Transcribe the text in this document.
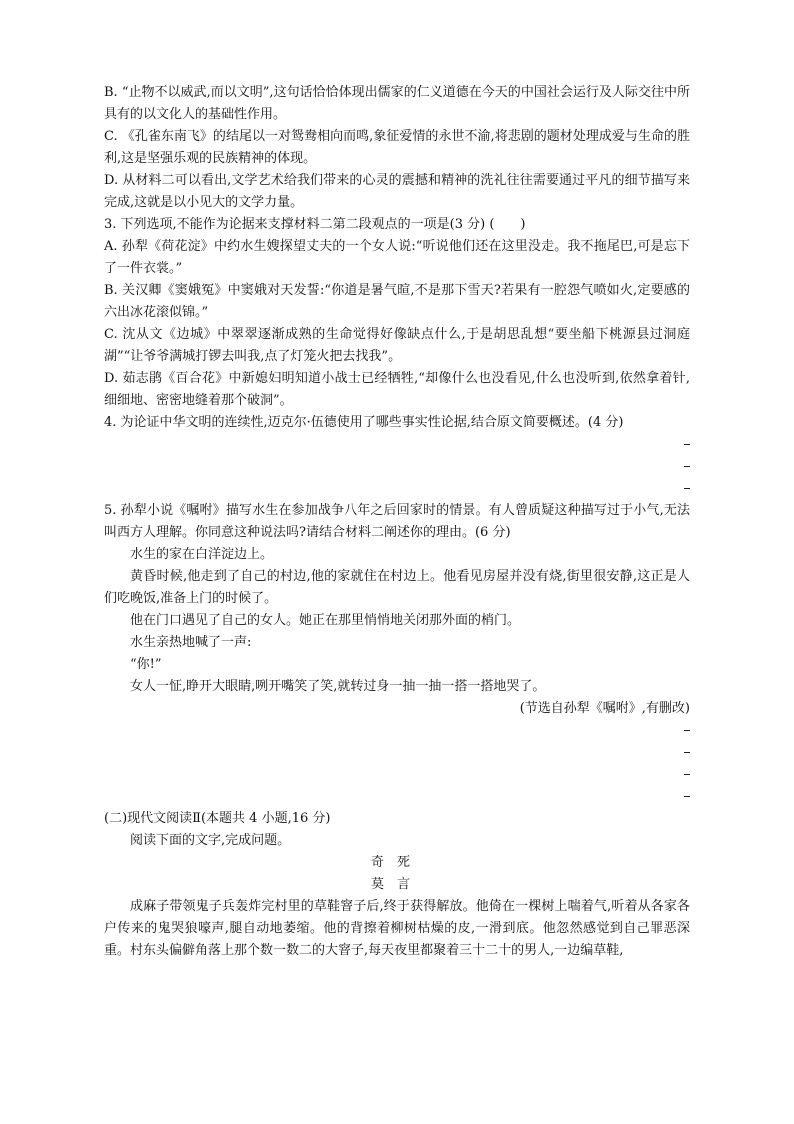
B. “止物不以威武,而以文明”,这句话恰恰体现出儒家的仁义道德在今天的中国社会运行及人际交往中所具有的以文化人的基础性作用。

C. 《孔雀东南飞》的结尾以一对鸳鸯相向而鸣,象征爱情的永世不渝,将悲剧的题材处理成爱与生命的胜利,这是坚强乐观的民族精神的体现。

D. 从材料二可以看出,文学艺术给我们带来的心灵的震撼和精神的洗礼往往需要通过平凡的细节描写来完成,这就是以小见大的文学力量。

3. 下列选项,不能作为论据来支撑材料二第二段观点的一项是(3 分) (　　)

A. 孙犁《荷花淀》中约水生嫂探望丈夫的一个女人说:“听说他们还在这里没走。我不拖尾巴,可是忘下了一件衣裳。”

B. 关汉卿《窦娥冤》中窦娥对天发誓:“你道是暑气暄,不是那下雪天?若果有一腔怨气喷如火,定要感的六出冰花滚似锦。”

C. 沈从文《边城》中翠翠逐渐成熟的生命觉得好像缺点什么,于是胡思乱想“要坐船下桃源县过洞庭湖”“让爷爷满城打锣去叫我,点了灯笼火把去找我”。

D. 茹志鹃《百合花》中新媳妇明知道小战士已经牺牲,“却像什么也没看见,什么也没听到,依然拿着针,细细地、密密地缝着那个破洞”。

4. 为论证中华文明的连续性,迈克尔·伍德使用了哪些事实性论据,结合原文简要概述。(4 分)

5. 孙犁小说《嘱咐》描写水生在参加战争八年之后回家时的情景。有人曾质疑这种描写过于小气,无法叫西方人理解。你同意这种说法吗?请结合材料二阐述你的理由。(6 分)

水生的家在白洋淀边上。

黄昏时候,他走到了自己的村边,他的家就住在村边上。他看见房屋并没有烧,街里很安静,这正是人们吃晚饭,准备上门的时候了。

他在门口遇见了自己的女人。她正在那里悄悄地关闭那外面的梢门。

水生亲热地喊了一声:

“你!”

女人一怔,睁开大眼睛,咧开嘴笑了笑,就转过身一抽一抽一搭一搭地哭了。

(节选自孙犁《嘱咐》,有删改)

(二)现代文阅读Ⅱ(本题共 4 小题,16 分)

阅读下面的文字,完成问题。

奇死

莫言

成麻子带领鬼子兵轰炸完村里的草鞋窨子后,终于获得解放。他倚在一棵树上喘着气,听着从各家各户传来的鬼哭狼嚎声,腿自动地萎缩。他的背擦着柳树枯燥的皮,一滑到底。他忽然感觉到自己罪恶深重。村东头偏僻角落上那个数一数二的大窨子,每天夜里都聚着三十二十的男人,一边编草鞋,
